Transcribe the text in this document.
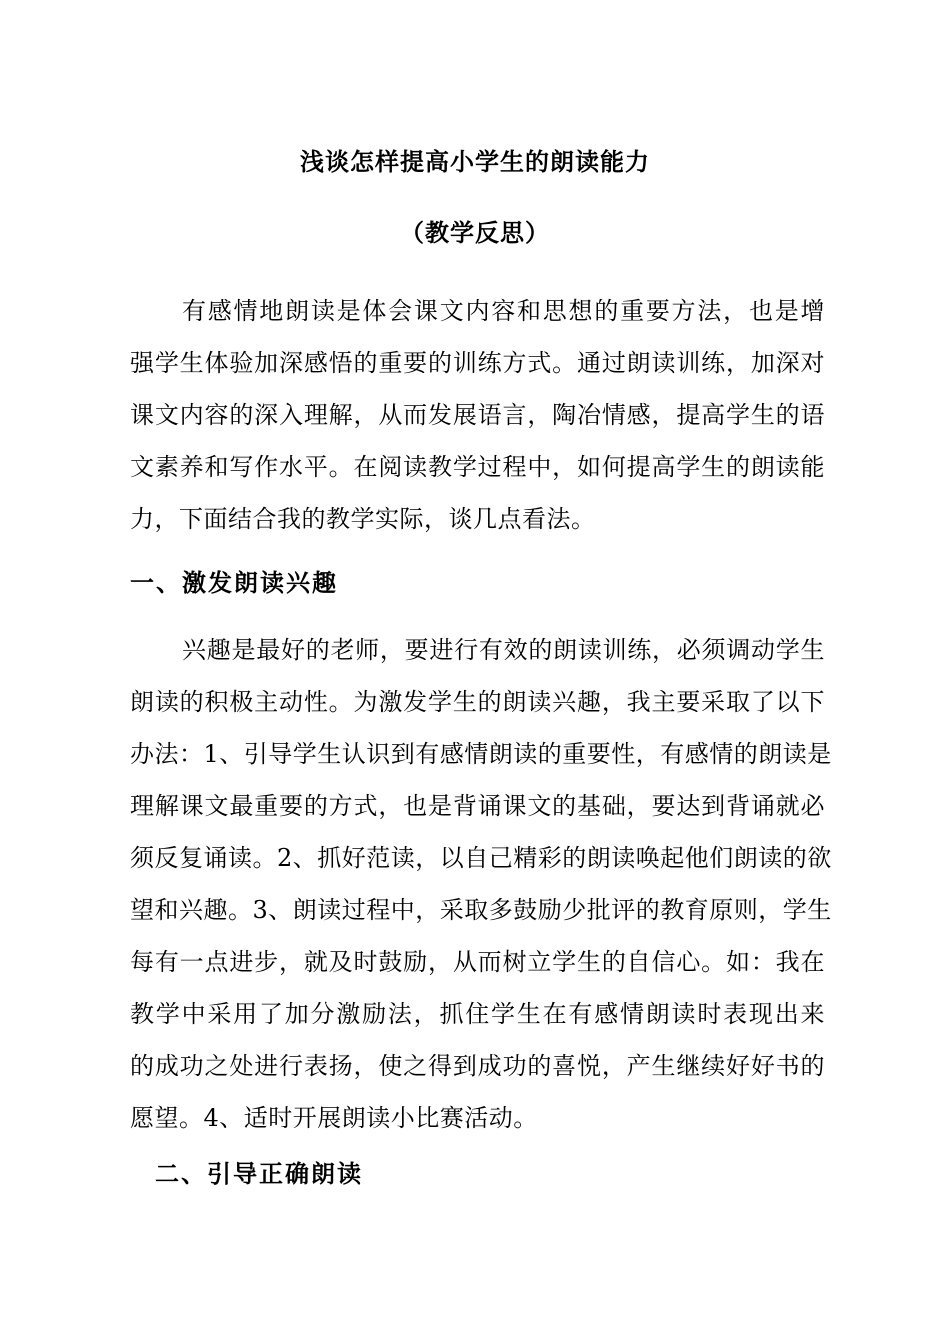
浅谈怎样提高小学生的朗读能力
（教学反思）
有感情地朗读是体会课文内容和思想的重要方法，也是增
强学生体验加深感悟的重要的训练方式。通过朗读训练，加深对
课文内容的深入理解，从而发展语言，陶冶情感，提高学生的语
文素养和写作水平。在阅读教学过程中，如何提高学生的朗读能
力，下面结合我的教学实际，谈几点看法。
一、激发朗读兴趣
兴趣是最好的老师，要进行有效的朗读训练，必须调动学生
朗读的积极主动性。为激发学生的朗读兴趣，我主要采取了以下
办法：1、引导学生认识到有感情朗读的重要性，有感情的朗读是
理解课文最重要的方式，也是背诵课文的基础，要达到背诵就必
须反复诵读。2、抓好范读，以自己精彩的朗读唤起他们朗读的欲
望和兴趣。3、朗读过程中，采取多鼓励少批评的教育原则，学生
每有一点进步，就及时鼓励，从而树立学生的自信心。如：我在
教学中采用了加分激励法，抓住学生在有感情朗读时表现出来
的成功之处进行表扬，使之得到成功的喜悦，产生继续好好书的
愿望。4、适时开展朗读小比赛活动。
二、引导正确朗读
